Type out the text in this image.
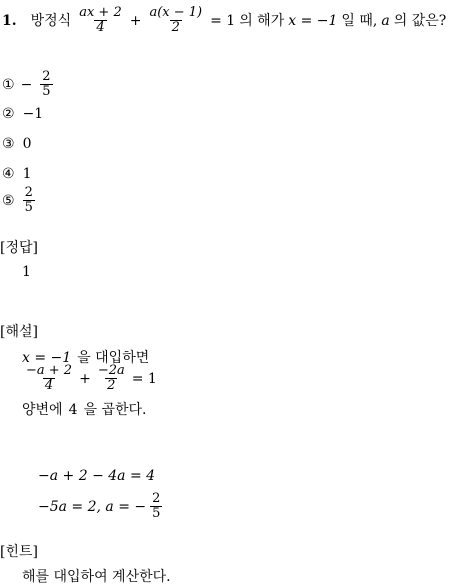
1. 방정식 $\frac{ax + 2}{4} + \frac{a(x - 1)}{2} = 1$ 의 해가 x = −1 일 때, a 의 값은?
① − $\frac{2}{5}$
② −1
③ 0
④ 1
⑤ $\frac{2}{5}$
[정답]
1
[해설]
x = −1 을 대입하면
$\frac{-a + 2}{4} + \frac{-2a}{2} = 1$
양변에 4 을 곱한다.
−a + 2 − 4a = 4
−5a = 2, a = − $\frac{2}{5}$
[힌트]
해를 대입하여 계산한다.
